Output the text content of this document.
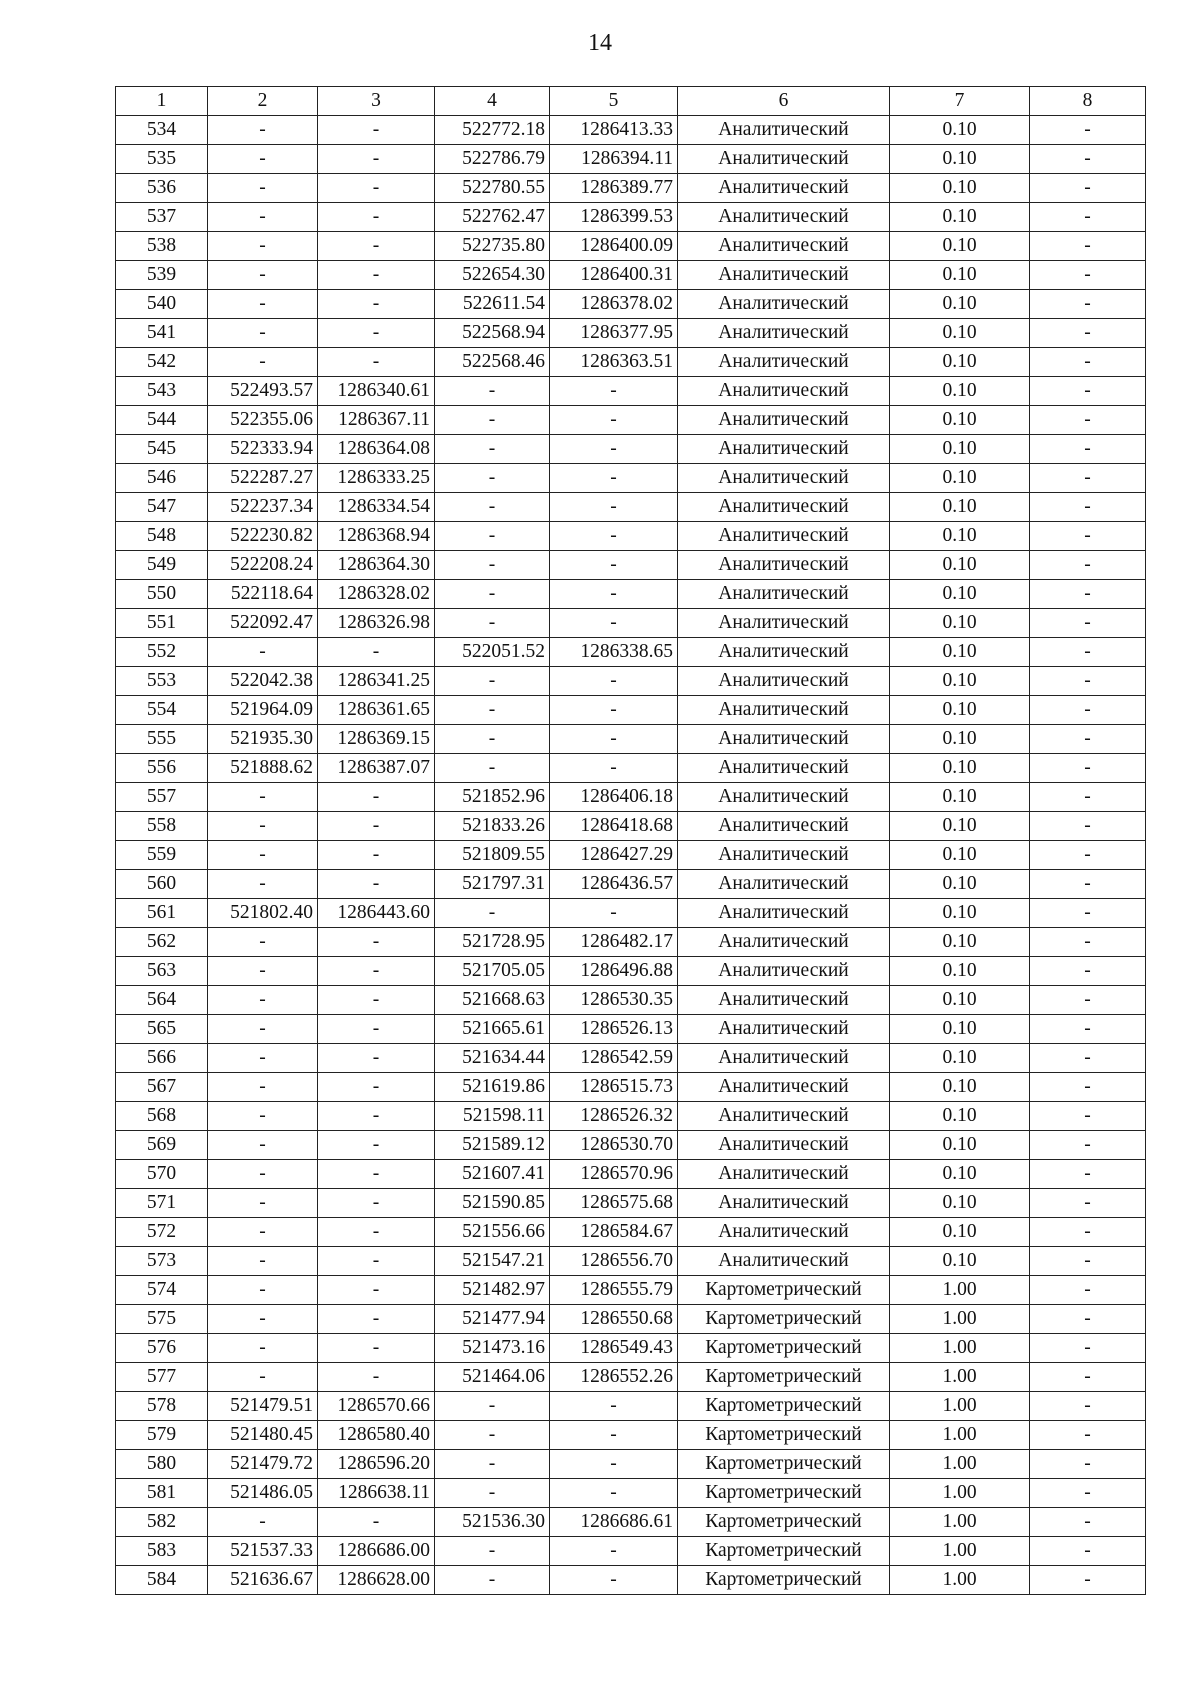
14
1	2	3	4	5	6	7	8
534	-	-	522772.18	1286413.33	Аналитический	0.10	-
535	-	-	522786.79	1286394.11	Аналитический	0.10	-
536	-	-	522780.55	1286389.77	Аналитический	0.10	-
537	-	-	522762.47	1286399.53	Аналитический	0.10	-
538	-	-	522735.80	1286400.09	Аналитический	0.10	-
539	-	-	522654.30	1286400.31	Аналитический	0.10	-
540	-	-	522611.54	1286378.02	Аналитический	0.10	-
541	-	-	522568.94	1286377.95	Аналитический	0.10	-
542	-	-	522568.46	1286363.51	Аналитический	0.10	-
543	522493.57	1286340.61	-	-	Аналитический	0.10	-
544	522355.06	1286367.11	-	-	Аналитический	0.10	-
545	522333.94	1286364.08	-	-	Аналитический	0.10	-
546	522287.27	1286333.25	-	-	Аналитический	0.10	-
547	522237.34	1286334.54	-	-	Аналитический	0.10	-
548	522230.82	1286368.94	-	-	Аналитический	0.10	-
549	522208.24	1286364.30	-	-	Аналитический	0.10	-
550	522118.64	1286328.02	-	-	Аналитический	0.10	-
551	522092.47	1286326.98	-	-	Аналитический	0.10	-
552	-	-	522051.52	1286338.65	Аналитический	0.10	-
553	522042.38	1286341.25	-	-	Аналитический	0.10	-
554	521964.09	1286361.65	-	-	Аналитический	0.10	-
555	521935.30	1286369.15	-	-	Аналитический	0.10	-
556	521888.62	1286387.07	-	-	Аналитический	0.10	-
557	-	-	521852.96	1286406.18	Аналитический	0.10	-
558	-	-	521833.26	1286418.68	Аналитический	0.10	-
559	-	-	521809.55	1286427.29	Аналитический	0.10	-
560	-	-	521797.31	1286436.57	Аналитический	0.10	-
561	521802.40	1286443.60	-	-	Аналитический	0.10	-
562	-	-	521728.95	1286482.17	Аналитический	0.10	-
563	-	-	521705.05	1286496.88	Аналитический	0.10	-
564	-	-	521668.63	1286530.35	Аналитический	0.10	-
565	-	-	521665.61	1286526.13	Аналитический	0.10	-
566	-	-	521634.44	1286542.59	Аналитический	0.10	-
567	-	-	521619.86	1286515.73	Аналитический	0.10	-
568	-	-	521598.11	1286526.32	Аналитический	0.10	-
569	-	-	521589.12	1286530.70	Аналитический	0.10	-
570	-	-	521607.41	1286570.96	Аналитический	0.10	-
571	-	-	521590.85	1286575.68	Аналитический	0.10	-
572	-	-	521556.66	1286584.67	Аналитический	0.10	-
573	-	-	521547.21	1286556.70	Аналитический	0.10	-
574	-	-	521482.97	1286555.79	Картометрический	1.00	-
575	-	-	521477.94	1286550.68	Картометрический	1.00	-
576	-	-	521473.16	1286549.43	Картометрический	1.00	-
577	-	-	521464.06	1286552.26	Картометрический	1.00	-
578	521479.51	1286570.66	-	-	Картометрический	1.00	-
579	521480.45	1286580.40	-	-	Картометрический	1.00	-
580	521479.72	1286596.20	-	-	Картометрический	1.00	-
581	521486.05	1286638.11	-	-	Картометрический	1.00	-
582	-	-	521536.30	1286686.61	Картометрический	1.00	-
583	521537.33	1286686.00	-	-	Картометрический	1.00	-
584	521636.67	1286628.00	-	-	Картометрический	1.00	-
